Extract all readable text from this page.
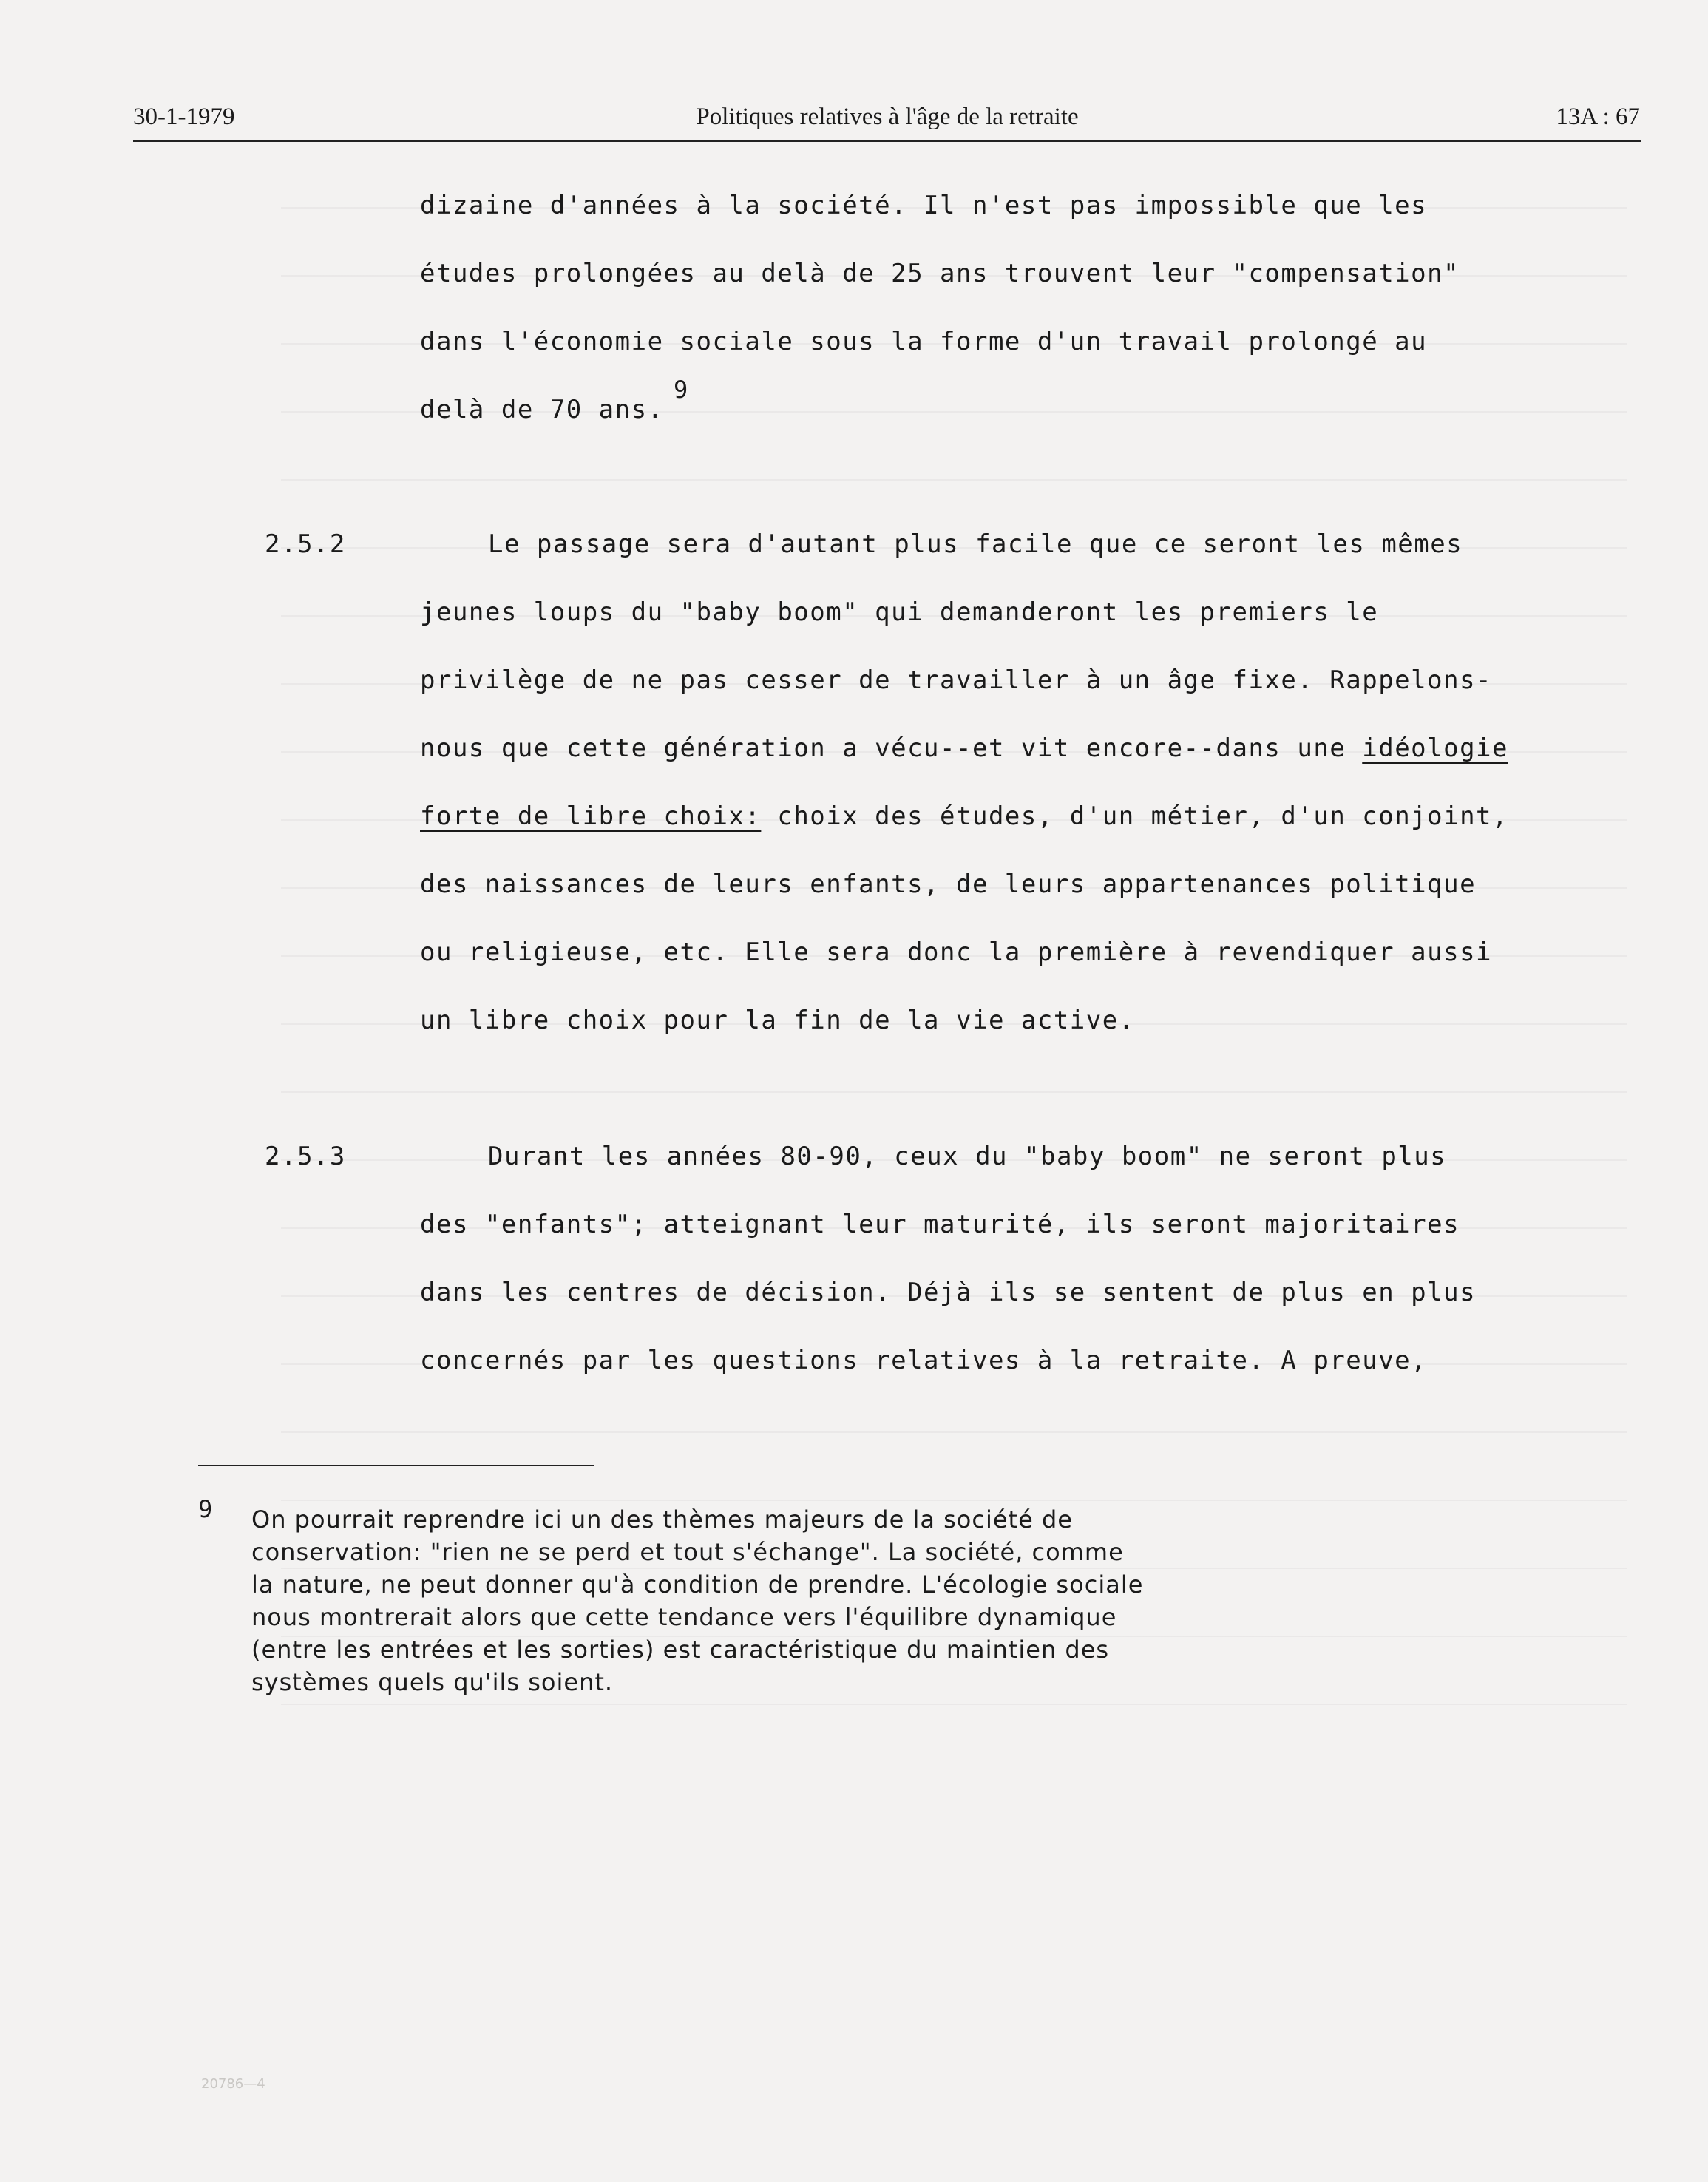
30-1-1979	Politiques relatives à l'âge de la retraite	13A : 67
dizaine d'années à la société. Il n'est pas impossible que les
études prolongées au delà de 25 ans trouvent leur "compensation"
dans l'économie sociale sous la forme d'un travail prolongé au
delà de 70 ans.
9
2.5.2	Le passage sera d'autant plus facile que ce seront les mêmes
jeunes loups du "baby boom" qui demanderont les premiers le
privilège de ne pas cesser de travailler à un âge fixe. Rappelons-
nous que cette génération a vécu--et vit encore--dans une idéologie
forte de libre choix: choix des études, d'un métier, d'un conjoint,
des naissances de leurs enfants, de leurs appartenances politique
ou religieuse, etc. Elle sera donc la première à revendiquer aussi
un libre choix pour la fin de la vie active.
2.5.3	Durant les années 80-90, ceux du "baby boom" ne seront plus
des "enfants"; atteignant leur maturité, ils seront majoritaires
dans les centres de décision. Déjà ils se sentent de plus en plus
concernés par les questions relatives à la retraite. A preuve,
9 On pourrait reprendre ici un des thèmes majeurs de la société de
conservation: "rien ne se perd et tout s'échange". La société, comme
la nature, ne peut donner qu'à condition de prendre. L'écologie sociale
nous montrerait alors que cette tendance vers l'équilibre dynamique
(entre les entrées et les sorties) est caractéristique du maintien des
systèmes quels qu'ils soient.
20786—4
